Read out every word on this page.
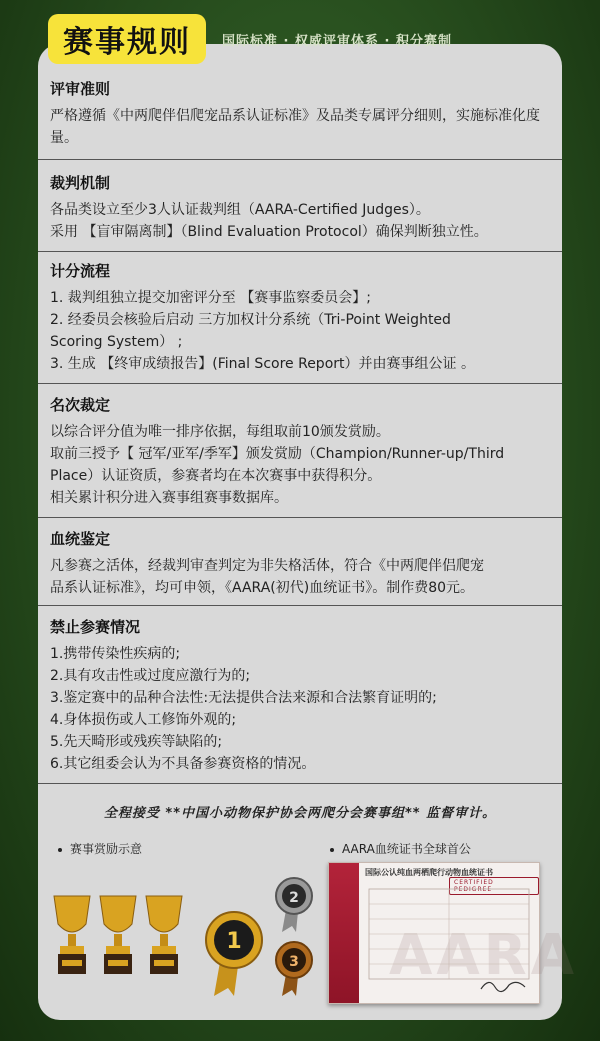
赛事规则	国际标准 · 权威评审体系 · 积分赛制
评审准则
严格遵循《中两爬伴侣爬宠品系认证标准》及品类专属评分细则，实施标准化度量。
裁判机制
各品类设立至少3人认证裁判组（AARA-Certified Judges）。
采用 【盲审隔离制】（Blind Evaluation Protocol）确保判断独立性。
计分流程
1. 裁判组独立提交加密评分至 【赛事监察委员会】;
2. 经委员会核验后启动 三方加权计分系统（Tri-Point Weighted
Scoring System） ;
3. 生成 【终审成绩报告】(Final Score Report）并由赛事组公证 。
名次裁定
以综合评分值为唯一排序依据，每组取前10颁发赏励。
取前三授予【 冠军/亚军/季军】颁发赏励（Champion/Runner-up/Third
Place）认证资质，参赛者均在本次赛事中获得积分。
相关累计积分进入赛事组赛事数据库。
血统鉴定
凡参赛之活体，经裁判审查判定为非失格活体，符合《中两爬伴侣爬宠
品系认证标准》，均可申领，《AARA(初代)血统证书》。制作费80元。
禁止参赛情况
1.携带传染性疾病的;
2.具有攻击性或过度应激行为的;
3.鉴定赛中的品种合法性:无法提供合法来源和合法繁育证明的;
4.身体损伤或人工修饰外观的;
5.先天畸形或残疾等缺陷的;
6.其它组委会认为不具备参赛资格的情况。
全程接受 **中国小动物保护协会两爬分会赛事组** 监督审计。
赛事赏励示意	AARA血统证书全球首公
1
2
3
国际公认纯血两栖爬行动物血统证书
CERTIFIED PEDIGREE
AARA
